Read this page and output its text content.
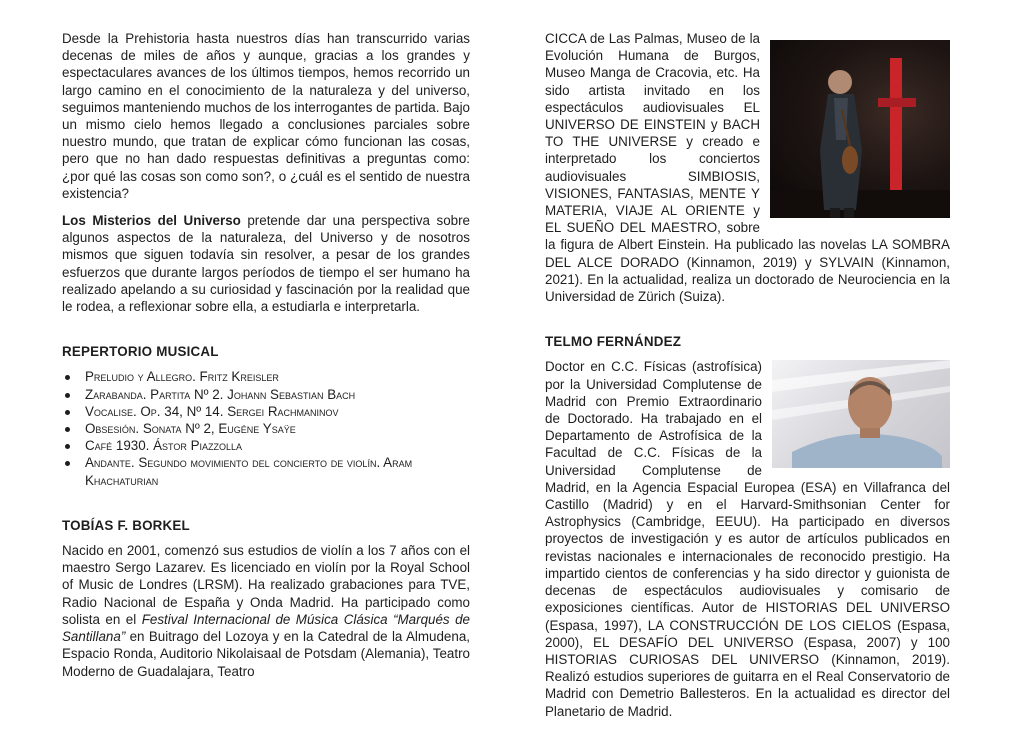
Desde la Prehistoria hasta nuestros días han transcurrido varias decenas de miles de años y aunque, gracias a los grandes y espectaculares avances de los últimos tiempos, hemos recorrido un largo camino en el conocimiento de la naturaleza y del universo, seguimos manteniendo muchos de los interrogantes de partida. Bajo un mismo cielo hemos llegado a conclusiones parciales sobre nuestro mundo, que tratan de explicar cómo funcionan las cosas, pero que no han dado respuestas definitivas a preguntas como: ¿por qué las cosas son como son?, o ¿cuál es el sentido de nuestra existencia?

Los Misterios del Universo pretende dar una perspectiva sobre algunos aspectos de la naturaleza, del Universo y de nosotros mismos que siguen todavía sin resolver, a pesar de los grandes esfuerzos que durante largos períodos de tiempo el ser humano ha realizado apelando a su curiosidad y fascinación por la realidad que le rodea, a reflexionar sobre ella, a estudiarla e interpretarla.

REPERTORIO MUSICAL
Preludio y Allegro. Fritz Kreisler
Zarabanda. Partita Nº 2. Johann Sebastian Bach
Vocalise. Op. 34, Nº 14. Sergei Rachmaninov
Obsesión. Sonata Nº 2, Eugéne Ysaÿe
Café 1930. Ástor Piazzolla
Andante. Segundo movimiento del concierto de violín. Aram Khachaturian
TOBÍAS F. BORKEL

Nacido en 2001, comenzó sus estudios de violín a los 7 años con el maestro Sergo Lazarev. Es licenciado en violín por la Royal School of Music de Londres (LRSM). Ha realizado grabaciones para TVE, Radio Nacional de España y Onda Madrid. Ha participado como solista en el Festival Internacional de Música Clásica “Marqués de Santillana” en Buitrago del Lozoya y en la Catedral de la Almudena, Espacio Ronda, Auditorio Nikolaisaal de Potsdam (Alemania), Teatro Moderno de Guadalajara, Teatro

CICCA de Las Palmas, Museo de la Evolución Humana de Burgos, Museo Manga de Cracovia, etc. Ha sido artista invitado en los espectáculos audiovisuales EL UNIVERSO DE EINSTEIN y BACH TO THE UNIVERSE y creado e interpretado los conciertos audiovisuales SIMBIOSIS, VISIONES, FANTASIAS, MENTE Y MATERIA, VIAJE AL ORIENTE y EL SUEÑO DEL MAESTRO, sobre la figura de Albert Einstein. Ha publicado las novelas LA SOMBRA DEL ALCE DORADO (Kinnamon, 2019) y SYLVAIN (Kinnamon, 2021). En la actualidad, realiza un doctorado de Neurociencia en la Universidad de Zürich (Suiza).

TELMO FERNÁNDEZ

Doctor en C.C. Físicas (astrofísica) por la Universidad Complutense de Madrid con Premio Extraordinario de Doctorado. Ha trabajado en el Departamento de Astrofísica de la Facultad de C.C. Físicas de la Universidad Complutense de Madrid, en la Agencia Espacial Europea (ESA) en Villafranca del Castillo (Madrid) y en el Harvard-Smithsonian Center for Astrophysics (Cambridge, EEUU). Ha participado en diversos proyectos de investigación y es autor de artículos publicados en revistas nacionales e internacionales de reconocido prestigio. Ha impartido cientos de conferencias y ha sido director y guionista de decenas de espectáculos audiovisuales y comisario de exposiciones científicas. Autor de HISTORIAS DEL UNIVERSO (Espasa, 1997), LA CONSTRUCCIÓN DE LOS CIELOS (Espasa, 2000), EL DESAFÍO DEL UNIVERSO (Espasa, 2007) y 100 HISTORIAS CURIOSAS DEL UNIVERSO (Kinnamon, 2019). Realizó estudios superiores de guitarra en el Real Conservatorio de Madrid con Demetrio Ballesteros. En la actualidad es director del Planetario de Madrid.
